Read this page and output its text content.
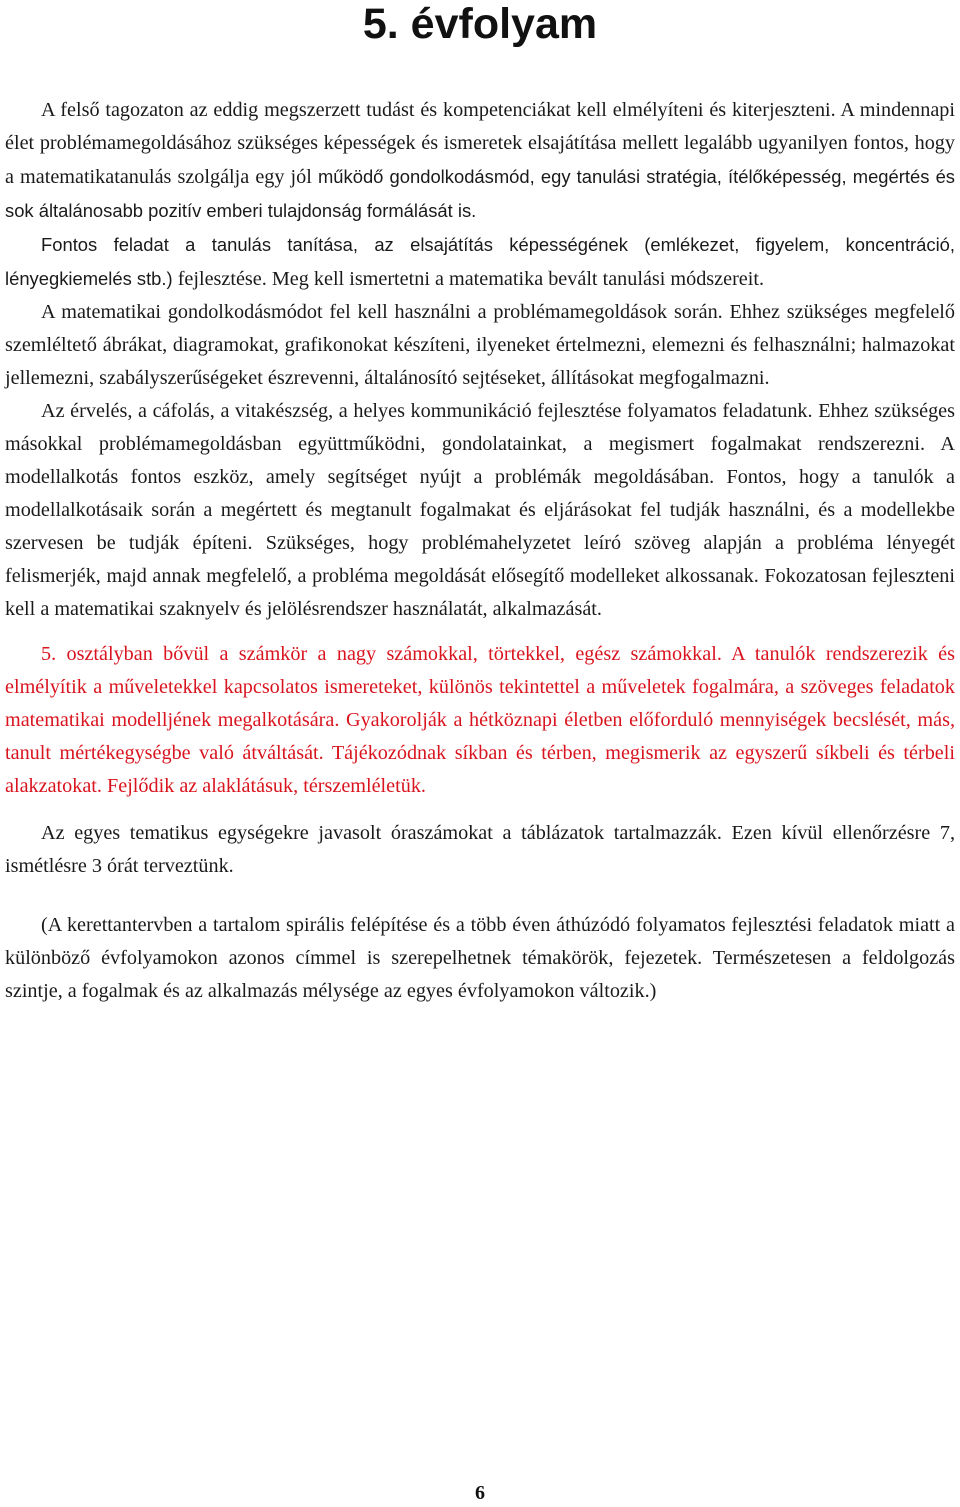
5. évfolyam

A felső tagozaton az eddig megszerzett tudást és kompetenciákat kell elmélyíteni és kiterjeszteni. A mindennapi élet problémamegoldásához szükséges képességek és ismeretek elsajátítása mellett legalább ugyanilyen fontos, hogy a matematikatanulás szolgálja egy jól működő gondolkodásmód, egy tanulási stratégia, ítélőképesség, megértés és sok általánosabb pozitív emberi tulajdonság formálását is.

Fontos feladat a tanulás tanítása, az elsajátítás képességének (emlékezet, figyelem, koncentráció, lényegkiemelés stb.) fejlesztése. Meg kell ismertetni a matematika bevált tanulási módszereit.

A matematikai gondolkodásmódot fel kell használni a problémamegoldások során. Ehhez szükséges megfelelő szemléltető ábrákat, diagramokat, grafikonokat készíteni, ilyeneket értelmezni, elemezni és felhasználni; halmazokat jellemezni, szabályszerűségeket észrevenni, általánosító sejtéseket, állításokat megfogalmazni.

Az érvelés, a cáfolás, a vitakészség, a helyes kommunikáció fejlesztése folyamatos feladatunk. Ehhez szükséges másokkal problémamegoldásban együttműködni, gondolatainkat, a megismert fogalmakat rendszerezni. A modellalkotás fontos eszköz, amely segítséget nyújt a problémák megoldásában. Fontos, hogy a tanulók a modellalkotásaik során a megértett és megtanult fogalmakat és eljárásokat fel tudják használni, és a modellekbe szervesen be tudják építeni. Szükséges, hogy problémahelyzetet leíró szöveg alapján a probléma lényegét felismerjék, majd annak megfelelő, a probléma megoldását elősegítő modelleket alkossanak. Fokozatosan fejleszteni kell a matematikai szaknyelv és jelölésrendszer használatát, alkalmazását.

5. osztályban bővül a számkör a nagy számokkal, törtekkel, egész számokkal. A tanulók rendszerezik és elmélyítik a műveletekkel kapcsolatos ismereteket, különös tekintettel a műveletek fogalmára, a szöveges feladatok matematikai modelljének megalkotására. Gyakorolják a hétköznapi életben előforduló mennyiségek becslését, más, tanult mértékegységbe való átváltását. Tájékozódnak síkban és térben, megismerik az egyszerű síkbeli és térbeli alakzatokat. Fejlődik az alaklátásuk, térszemléletük.

Az egyes tematikus egységekre javasolt óraszámokat a táblázatok tartalmazzák. Ezen kívül ellenőrzésre 7, ismétlésre 3 órát terveztünk.

(A kerettantervben a tartalom spirális felépítése és a több éven áthúzódó folyamatos fejlesztési feladatok miatt a különböző évfolyamokon azonos címmel is szerepelhetnek témakörök, fejezetek. Természetesen a feldolgozás szintje, a fogalmak és az alkalmazás mélysége az egyes évfolyamokon változik.)

6
